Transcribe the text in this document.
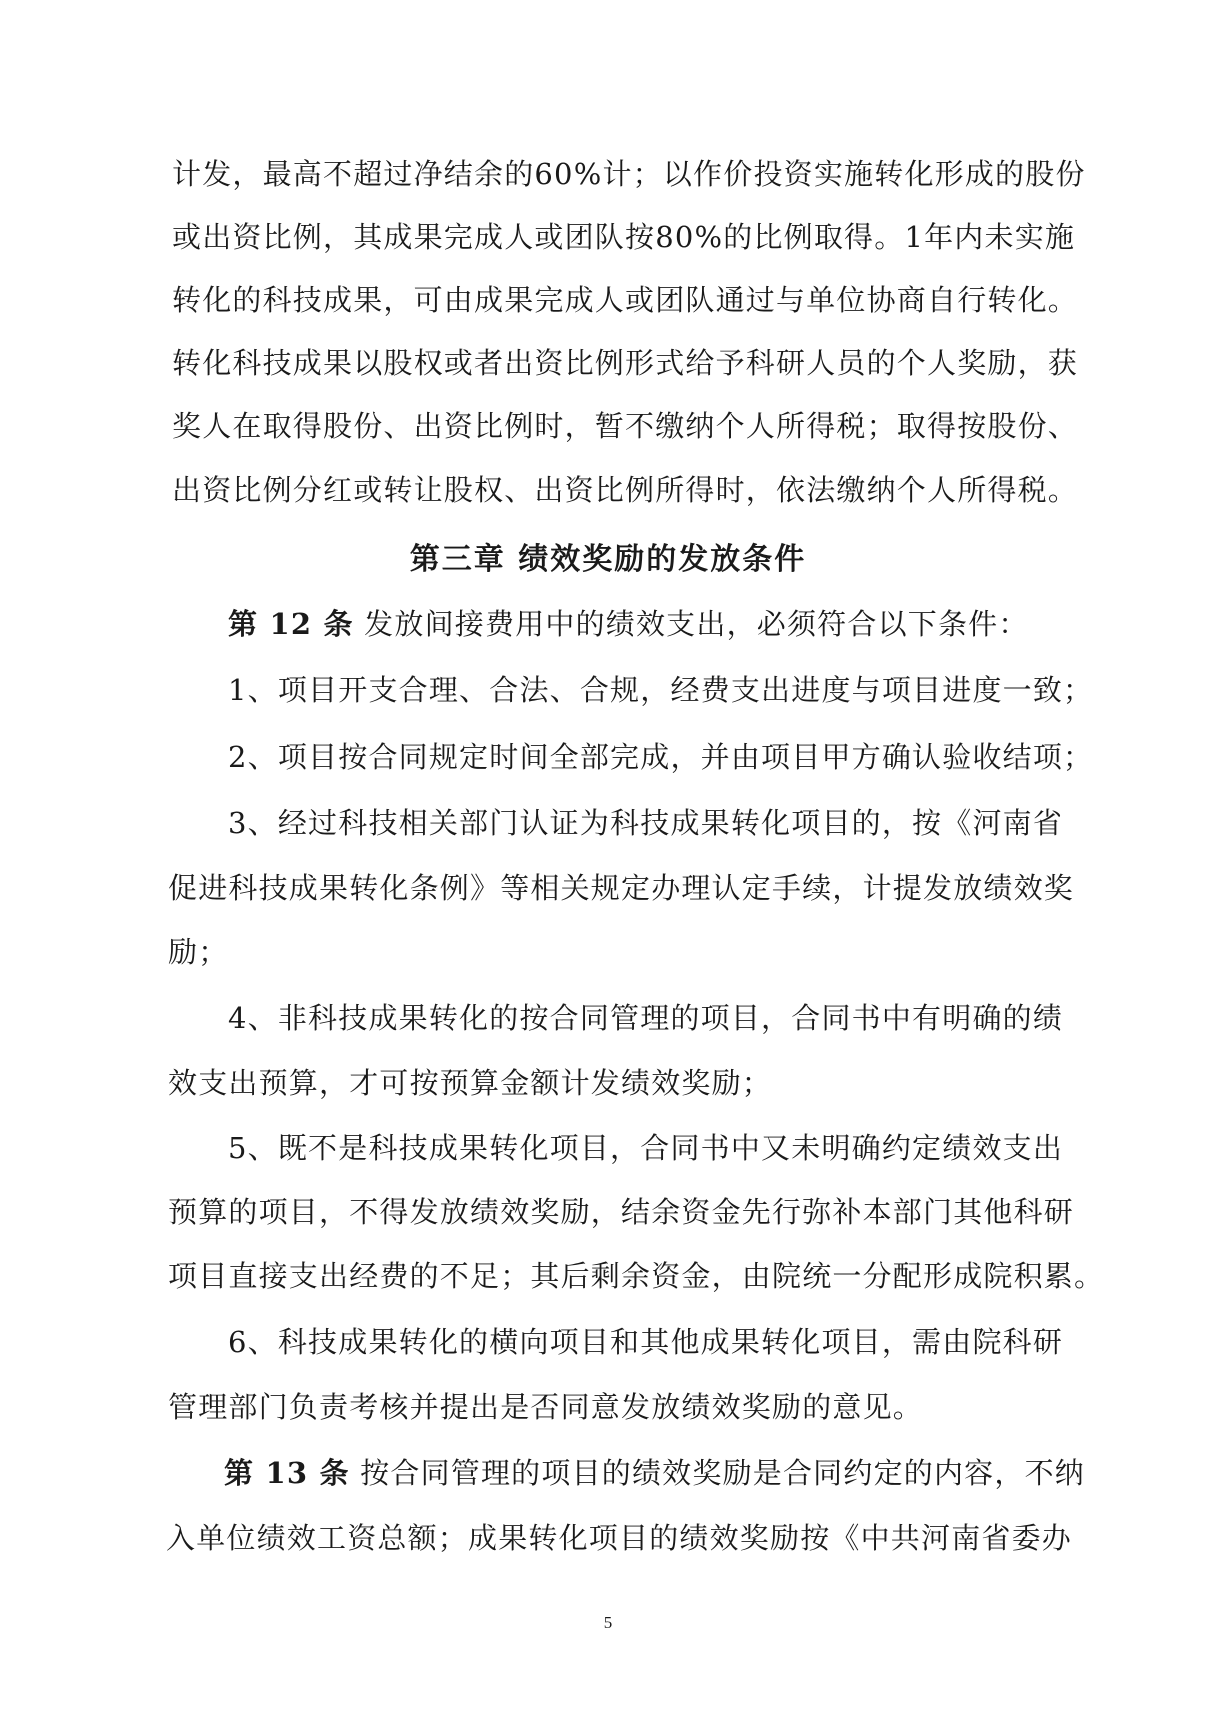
计发，最高不超过净结余的60%计；以作价投资实施转化形成的股份
或出资比例，其成果完成人或团队按80%的比例取得。1年内未实施
转化的科技成果，可由成果完成人或团队通过与单位协商自行转化。
转化科技成果以股权或者出资比例形式给予科研人员的个人奖励，获
奖人在取得股份、出资比例时，暂不缴纳个人所得税；取得按股份、
出资比例分红或转让股权、出资比例所得时，依法缴纳个人所得税。
第三章 绩效奖励的发放条件
第 12 条 发放间接费用中的绩效支出，必须符合以下条件：
1、项目开支合理、合法、合规，经费支出进度与项目进度一致；
2、项目按合同规定时间全部完成，并由项目甲方确认验收结项；
3、经过科技相关部门认证为科技成果转化项目的，按《河南省
促进科技成果转化条例》等相关规定办理认定手续，计提发放绩效奖
励；
4、非科技成果转化的按合同管理的项目，合同书中有明确的绩
效支出预算，才可按预算金额计发绩效奖励；
5、既不是科技成果转化项目，合同书中又未明确约定绩效支出
预算的项目，不得发放绩效奖励，结余资金先行弥补本部门其他科研
项目直接支出经费的不足；其后剩余资金，由院统一分配形成院积累。
6、科技成果转化的横向项目和其他成果转化项目，需由院科研
管理部门负责考核并提出是否同意发放绩效奖励的意见。
第 13 条 按合同管理的项目的绩效奖励是合同约定的内容，不纳
入单位绩效工资总额；成果转化项目的绩效奖励按《中共河南省委办
5
